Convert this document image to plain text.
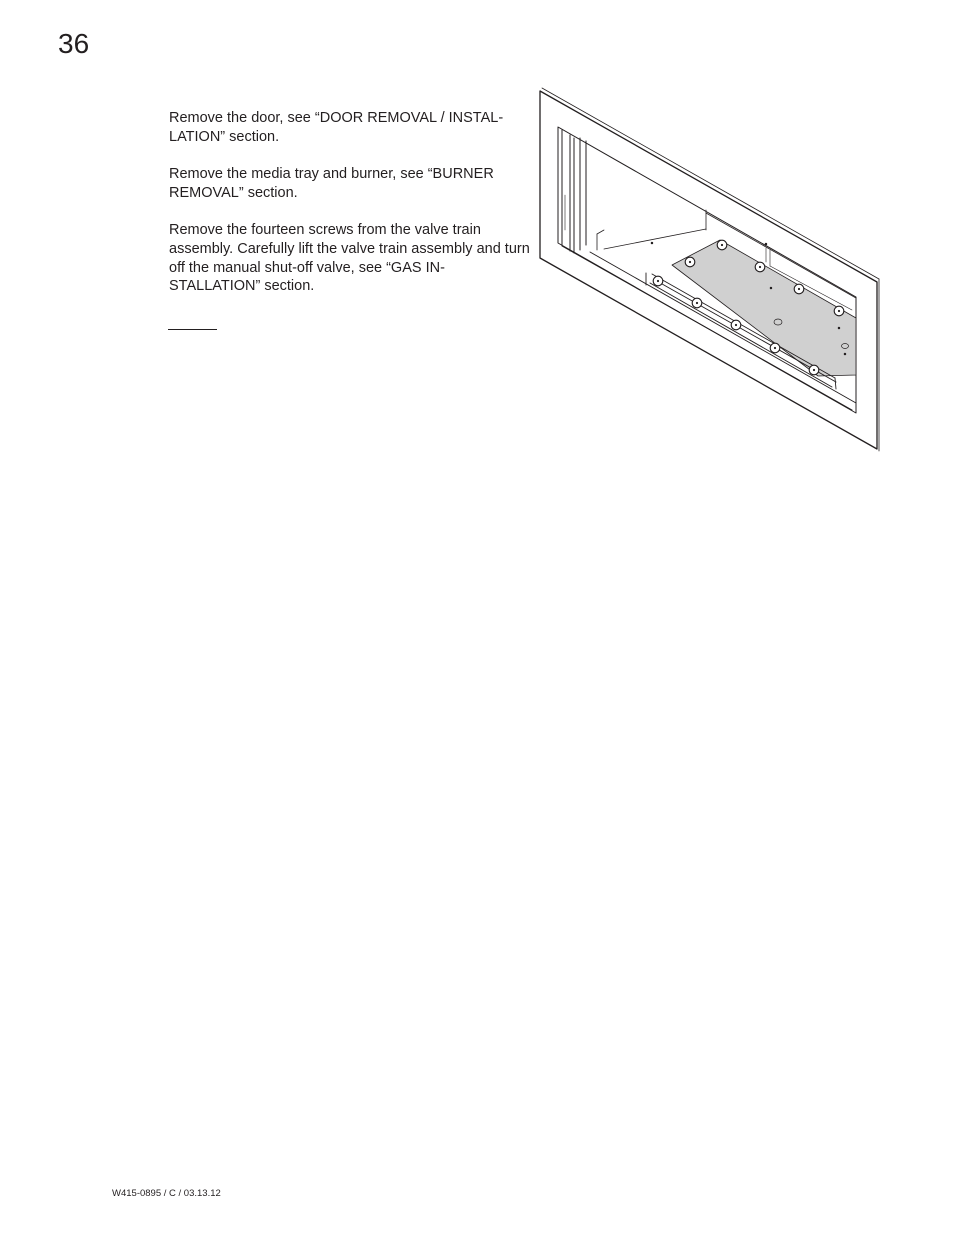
36

Remove the door, see “DOOR REMOVAL / INSTAL-LATION” section.

Remove the media tray and burner, see “BURNER REMOVAL” section.

Remove the fourteen screws from the valve train assembly. Carefully lift the valve train assembly and turn off the manual shut-off valve, see “GAS IN-STALLATION” section.

W415-0895 / C / 03.13.12
